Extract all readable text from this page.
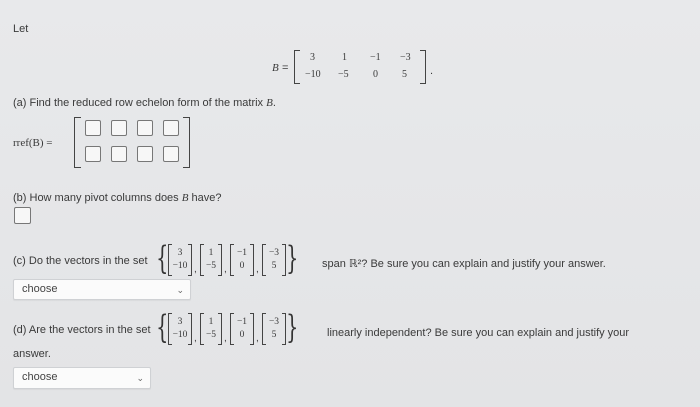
Let
B =
3	1 −1 −3
−10 −5 0 5 .
(a) Find the reduced row echelon form of the matrix B.
rref(B) =
(b) How many pivot columns does B have?
(c) Do the vectors in the set { 3
−10 ,
1
−5 ,
−1
0	,
−3
5 } span ℝ²? Be sure you can explain and justify your answer.
choose	⌄
(d) Are the vectors in the set { 3
−10 ,
1
−5 ,
−1
0	,
−3
5 }	linearly independent? Be sure you can explain and justify your
answer.
choose	⌄
